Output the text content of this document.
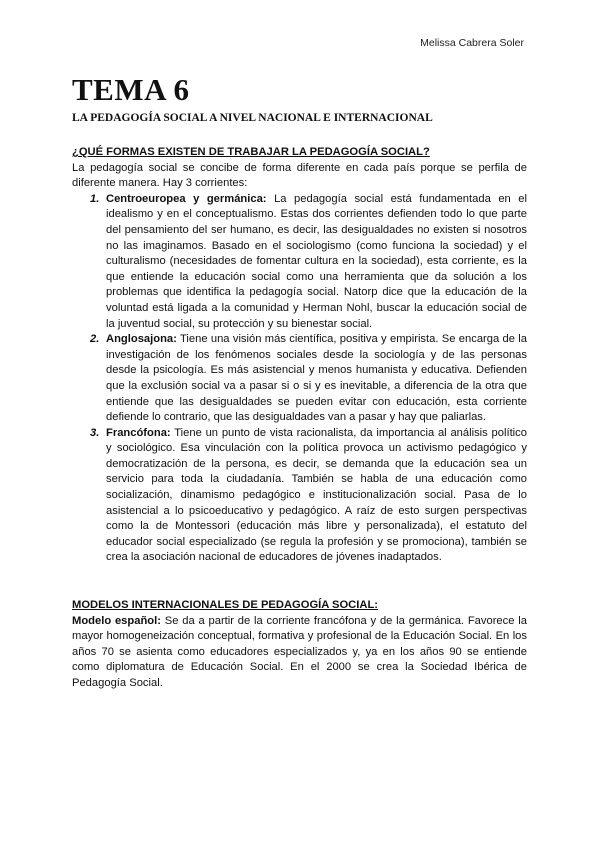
Melissa Cabrera Soler
TEMA 6
LA PEDAGOGÍA SOCIAL A NIVEL NACIONAL E INTERNACIONAL

¿QUÉ FORMAS EXISTEN DE TRABAJAR LA PEDAGOGÍA SOCIAL?

La pedagogía social se concibe de forma diferente en cada país porque se perfila de diferente manera. Hay 3 corrientes:

1. Centroeuropea y germánica: La pedagogía social está fundamentada en el idealismo y en el conceptualismo. Estas dos corrientes defienden todo lo que parte del pensamiento del ser humano, es decir, las desigualdades no existen si nosotros no las imaginamos. Basado en el sociologismo (como funciona la sociedad) y el culturalismo (necesidades de fomentar cultura en la sociedad), esta corriente, es la que entiende la educación social como una herramienta que da solución a los problemas que identifica la pedagogía social. Natorp dice que la educación de la voluntad está ligada a la comunidad y Herman Nohl, buscar la educación social de la juventud social, su protección y su bienestar social.
2. Anglosajona: Tiene una visión más científica, positiva y empirista. Se encarga de la investigación de los fenómenos sociales desde la sociología y de las personas desde la psicología. Es más asistencial y menos humanista y educativa. Defienden que la exclusión social va a pasar si o si y es inevitable, a diferencia de la otra que entiende que las desigualdades se pueden evitar con educación, esta corriente defiende lo contrario, que las desigualdades van a pasar y hay que paliarlas.
3. Francófona: Tiene un punto de vista racionalista, da importancia al análisis político y sociológico. Esa vinculación con la política provoca un activismo pedagógico y democratización de la persona, es decir, se demanda que la educación sea un servicio para toda la ciudadanía. También se habla de una educación como socialización, dinamismo pedagógico e institucionalización social. Pasa de lo asistencial a lo psicoeducativo y pedagógico. A raíz de esto surgen perspectivas como la de Montessori (educación más libre y personalizada), el estatuto del educador social especializado (se regula la profesión y se promociona), también se crea la asociación nacional de educadores de jóvenes inadaptados.

MODELOS INTERNACIONALES DE PEDAGOGÍA SOCIAL:

Modelo español: Se da a partir de la corriente francófona y de la germánica. Favorece la mayor homogeneización conceptual, formativa y profesional de la Educación Social. En los años 70 se asienta como educadores especializados y, ya en los años 90 se entiende como diplomatura de Educación Social. En el 2000 se crea la Sociedad Ibérica de Pedagogía Social.
